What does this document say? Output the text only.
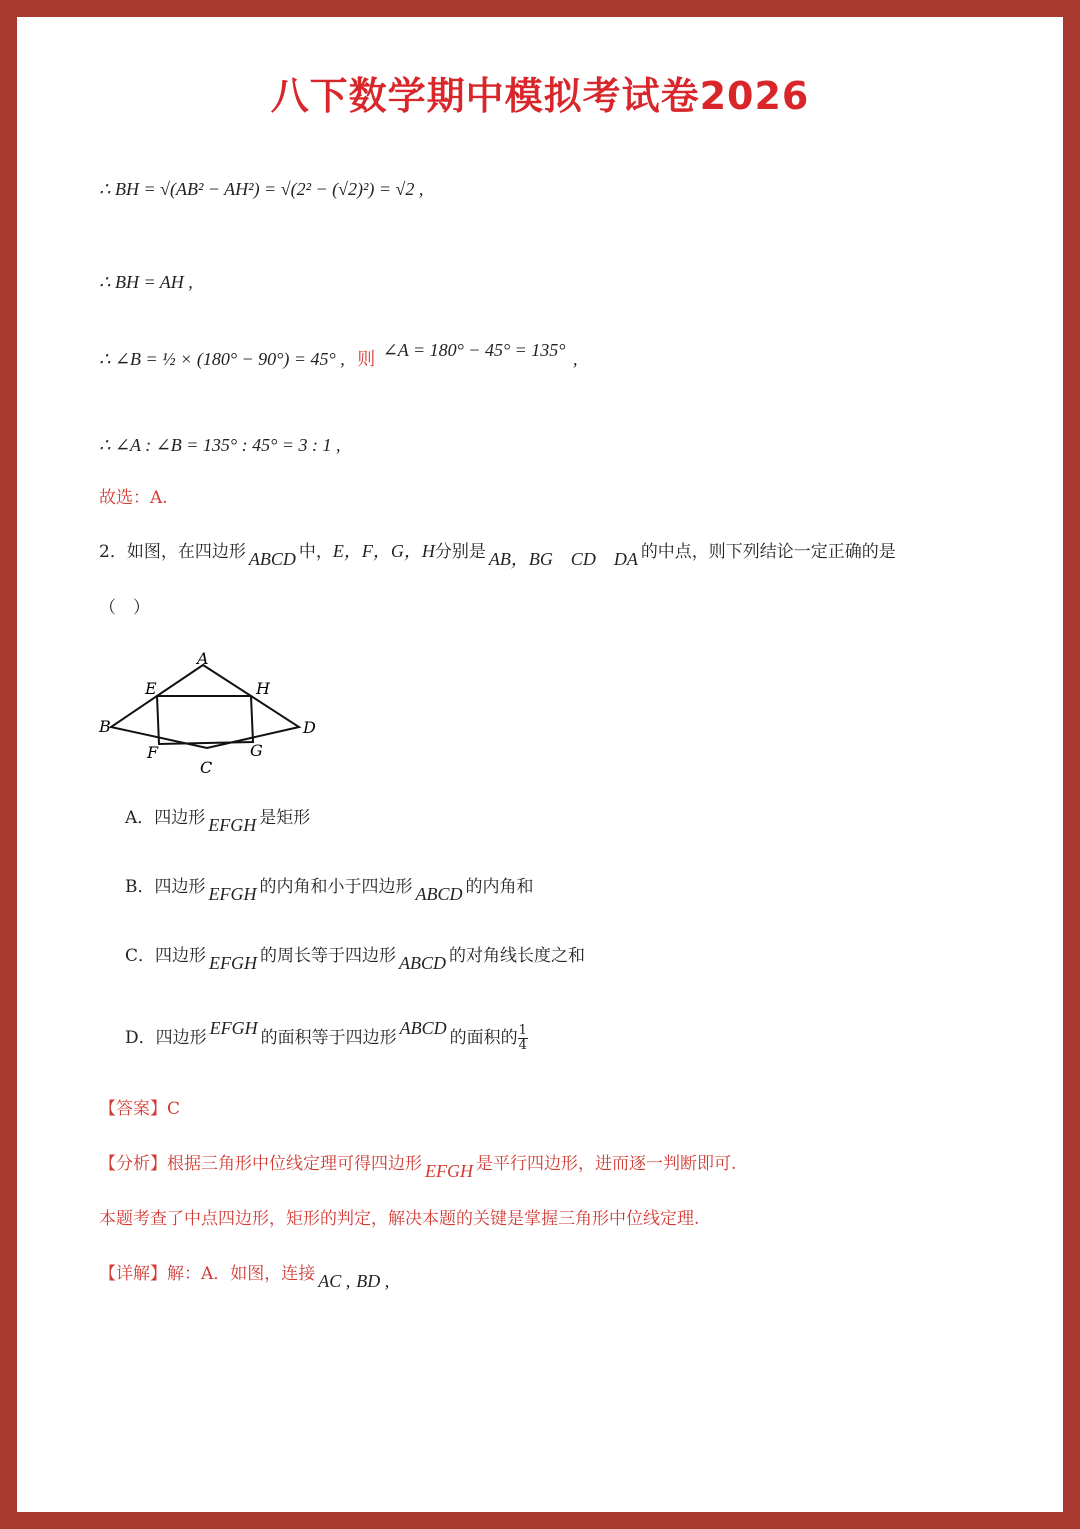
八下数学期中模拟考试卷2026
∴ BH = √(AB² − AH²) = √(2² − (√2)²) = √2 ,
∴ BH = AH ,
∴ ∠B = ½ × (180° − 90°) = 45° , 则 ∠A = 180° − 45° = 135° ,
∴ ∠A : ∠B = 135° : 45° = 3 : 1 ,
故选：A.
2．如图，在四边形 ABCD 中，E，F，G，H分别是 AB，BG　CD　DA 的中点，则下列结论一定正确的是
（　）
A
B
C
D
E
F	G
H
A．四边形 EFGH 是矩形
B．四边形 EFGH 的内角和小于四边形 ABCD 的内角和
C．四边形 EFGH 的周长等于四边形 ABCD 的对角线长度之和
D．四边形 EFGH 的面积等于四边形 ABCD 的面积的 $\frac{1}{4}$
【答案】C
【分析】根据三角形中位线定理可得四边形 EFGH 是平行四边形，进而逐一判断即可.
本题考查了中点四边形，矩形的判定，解决本题的关键是掌握三角形中位线定理.
【详解】解：A．如图，连接 AC , BD ,
